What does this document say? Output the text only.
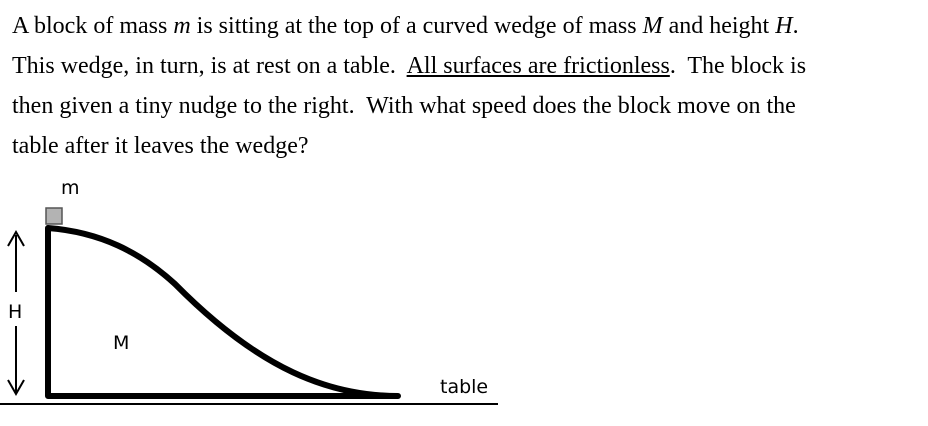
A block of mass m is sitting at the top of a curved wedge of mass M and height H.

This wedge, in turn, is at rest on a table.  All surfaces are frictionless.  The block is

then given a tiny nudge to the right.  With what speed does the block move on the

table after it leaves the wedge?

m
H
M
table
